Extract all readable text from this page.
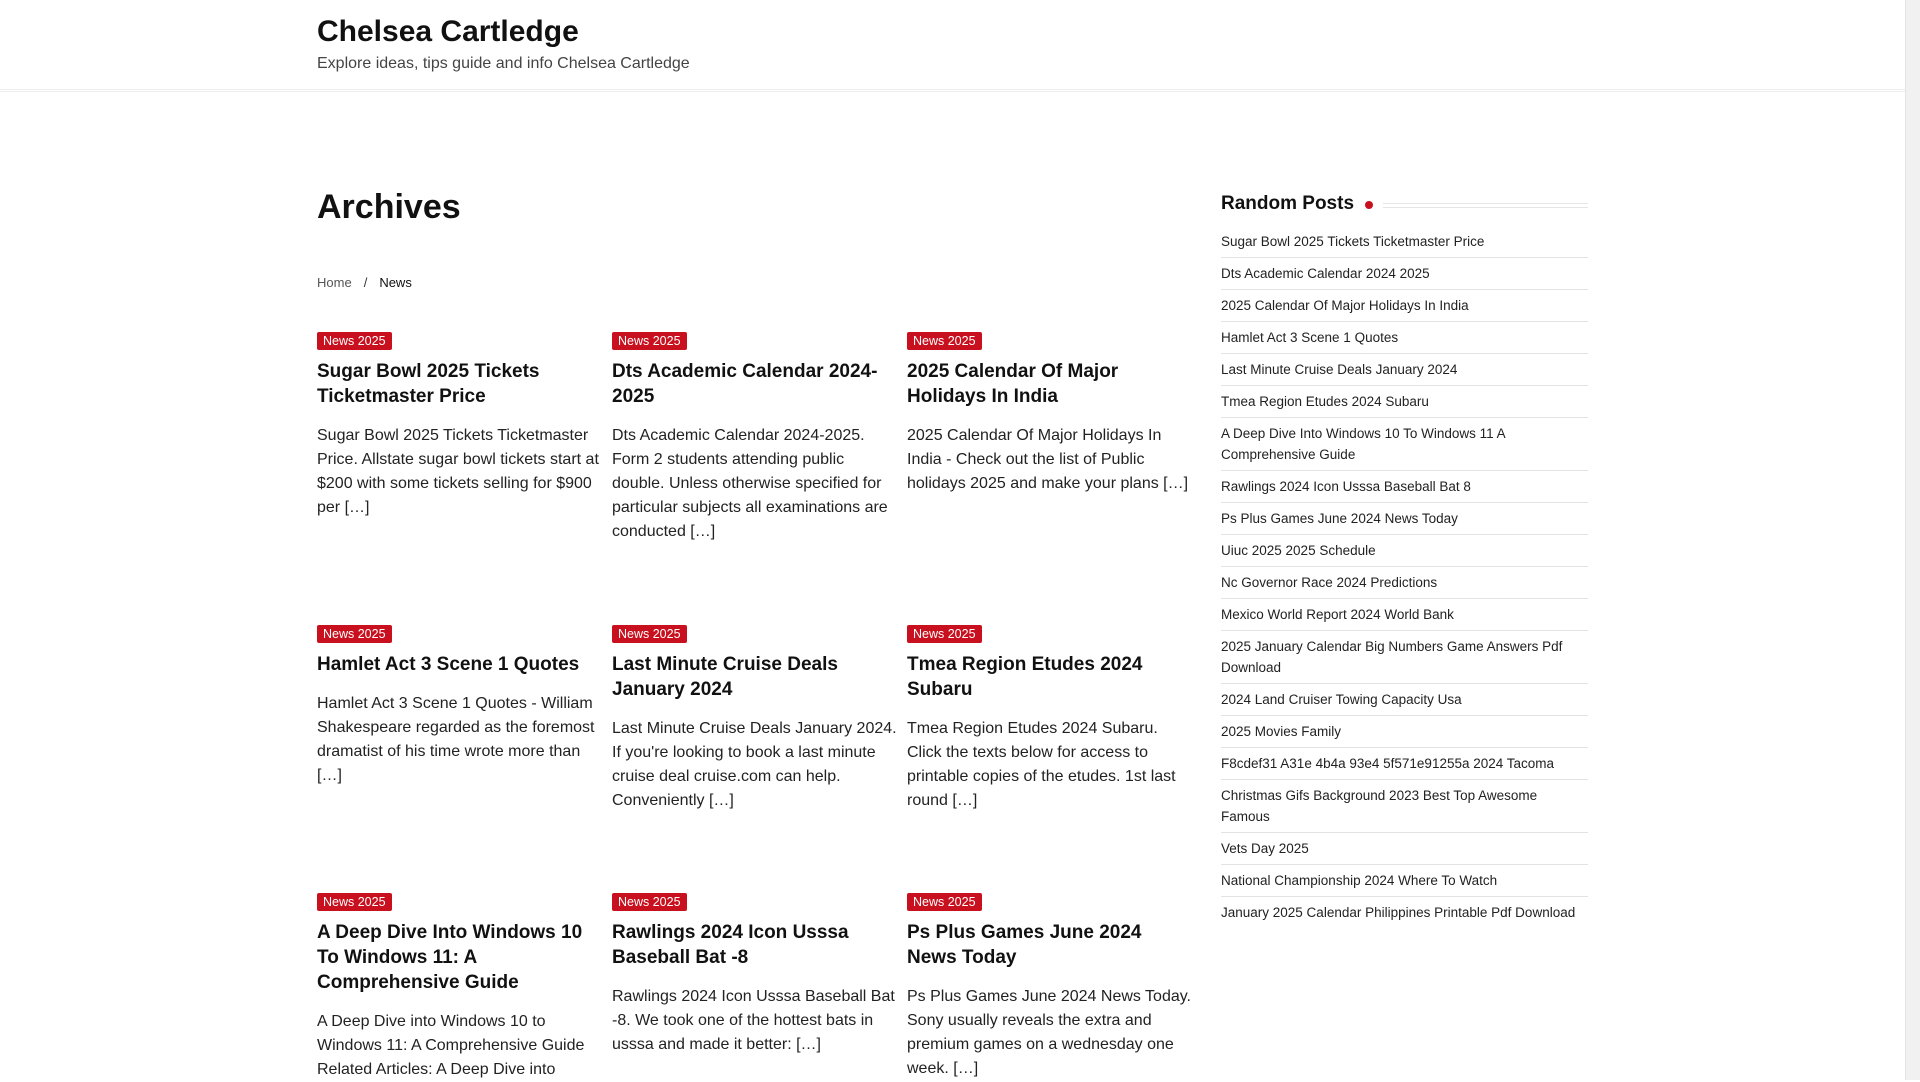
Chelsea Cartledge
Explore ideas, tips guide and info Chelsea Cartledge
Archives
Home / News
News 2025
Sugar Bowl 2025 Tickets Ticketmaster Price

Sugar Bowl 2025 Tickets Ticketmaster Price. Allstate sugar bowl tickets start at $200 with some tickets selling for $900 per […]

News 2025
Dts Academic Calendar 2024-2025

Dts Academic Calendar 2024-2025. Form 2 students attending public double. Unless otherwise specified for particular subjects all examinations are conducted […]

News 2025
2025 Calendar Of Major Holidays In India

2025 Calendar Of Major Holidays In India - Check out the list of Public holidays 2025 and make your plans […]

News 2025
Hamlet Act 3 Scene 1 Quotes

Hamlet Act 3 Scene 1 Quotes - William Shakespeare regarded as the foremost dramatist of his time wrote more than […]

News 2025
Last Minute Cruise Deals January 2024

Last Minute Cruise Deals January 2024. If you're looking to book a last minute cruise deal cruise.com can help. Conveniently […]

News 2025
Tmea Region Etudes 2024 Subaru

Tmea Region Etudes 2024 Subaru. Click the texts below for access to printable copies of the etudes. 1st last round […]

News 2025
A Deep Dive Into Windows 10 To Windows 11: A Comprehensive Guide

A Deep Dive into Windows 10 to Windows 11: A Comprehensive Guide Related Articles: A Deep Dive into

News 2025
Rawlings 2024 Icon Usssa Baseball Bat -8

Rawlings 2024 Icon Usssa Baseball Bat -8. We took one of the hottest bats in usssa and made it better: […]

News 2025
Ps Plus Games June 2024 News Today

Ps Plus Games June 2024 News Today. Sony usually reveals the extra and premium games on a wednesday one week. […]

Random Posts
Sugar Bowl 2025 Tickets Ticketmaster Price
Dts Academic Calendar 2024 2025
2025 Calendar Of Major Holidays In India
Hamlet Act 3 Scene 1 Quotes
Last Minute Cruise Deals January 2024
Tmea Region Etudes 2024 Subaru
A Deep Dive Into Windows 10 To Windows 11 A Comprehensive Guide
Rawlings 2024 Icon Usssa Baseball Bat 8
Ps Plus Games June 2024 News Today
Uiuc 2025 2025 Schedule
Nc Governor Race 2024 Predictions
Mexico World Report 2024 World Bank
2025 January Calendar Big Numbers Game Answers Pdf Download
2024 Land Cruiser Towing Capacity Usa
2025 Movies Family
F8cdef31 A31e 4b4a 93e4 5f571e91255a 2024 Tacoma
Christmas Gifs Background 2023 Best Top Awesome Famous
Vets Day 2025
National Championship 2024 Where To Watch
January 2025 Calendar Philippines Printable Pdf Download
